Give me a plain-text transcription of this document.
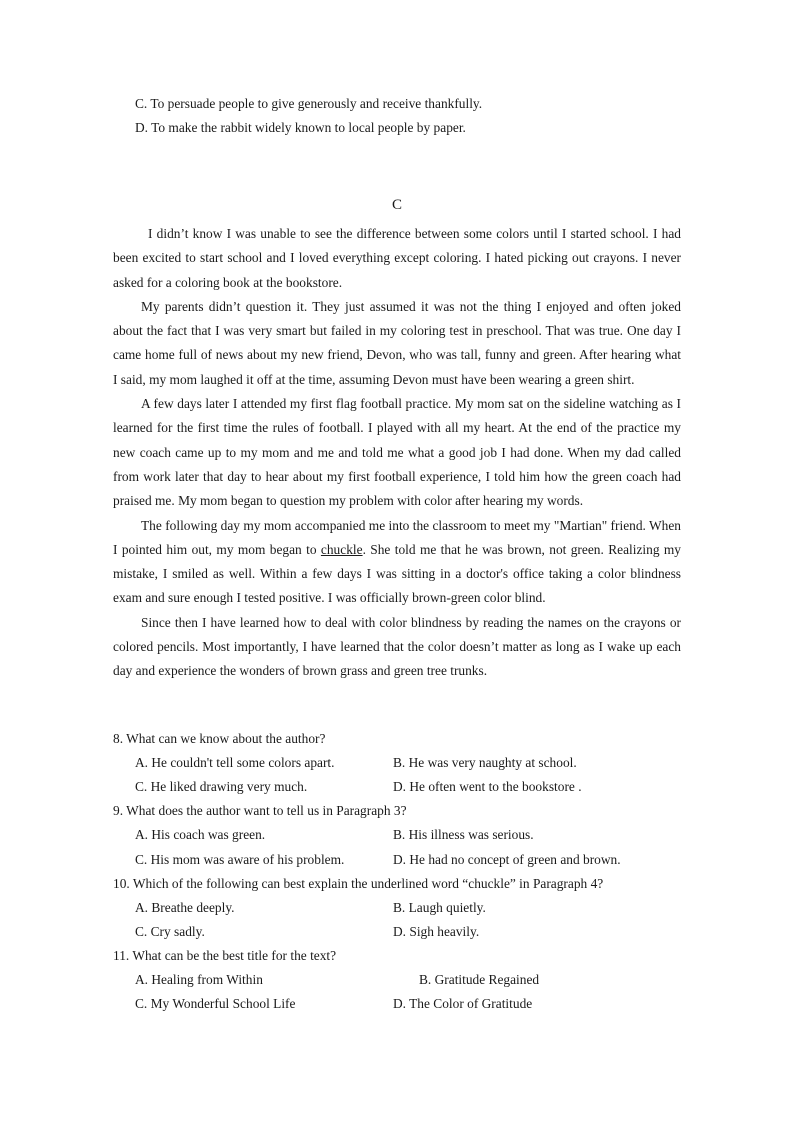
C. To persuade people to give generously and receive thankfully.
D. To make the rabbit widely known to local people by paper.
C

I didn’t know I was unable to see the difference between some colors until I started school. I had been excited to start school and I loved everything except coloring. I hated picking out crayons. I never asked for a coloring book at the bookstore.

My parents didn’t question it. They just assumed it was not the thing I enjoyed and often joked about the fact that I was very smart but failed in my coloring test in preschool. That was true. One day I came home full of news about my new friend, Devon, who was tall, funny and green. After hearing what I said, my mom laughed it off at the time, assuming Devon must have been wearing a green shirt.

A few days later I attended my first flag football practice. My mom sat on the sideline watching as I learned for the first time the rules of football. I played with all my heart. At the end of the practice my new coach came up to my mom and me and told me what a good job I had done. When my dad called from work later that day to hear about my first football experience, I told him how the green coach had praised me. My mom began to question my problem with color after hearing my words.

The following day my mom accompanied me into the classroom to meet my "Martian" friend. When I pointed him out, my mom began to chuckle. She told me that he was brown, not green. Realizing my mistake, I smiled as well. Within a few days I was sitting in a doctor's office taking a color blindness exam and sure enough I tested positive. I was officially brown-green color blind.

Since then I have learned how to deal with color blindness by reading the names on the crayons or colored pencils. Most importantly, I have learned that the color doesn’t matter as long as I wake up each day and experience the wonders of brown grass and green tree trunks.

8. What can we know about the author?
A. He couldn't tell some colors apart.	B. He was very naughty at school.
C. He liked drawing very much.	D. He often went to the bookstore .
9. What does the author want to tell us in Paragraph 3?
A. His coach was green.	B. His illness was serious.
C. His mom was aware of his problem.	D. He had no concept of green and brown.
10. Which of the following can best explain the underlined word “chuckle” in Paragraph 4?
A. Breathe deeply.	B. Laugh quietly.
C. Cry sadly.	D. Sigh heavily.
11. What can be the best title for the text?
A. Healing from Within	B. Gratitude Regained
C. My Wonderful School Life	D. The Color of Gratitude
